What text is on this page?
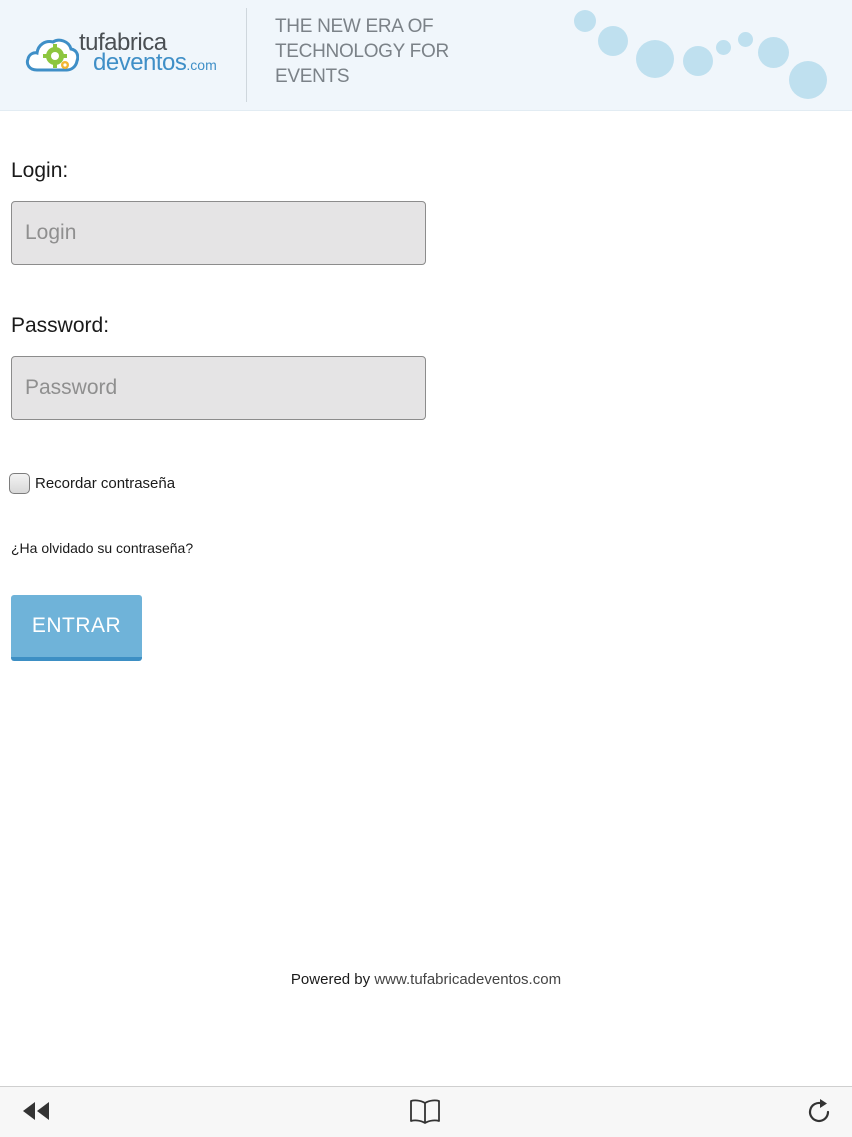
tufabrica
deventos.com
THE NEW ERA OF TECHNOLOGY FOR EVENTS
Login:
Login
Password:
Recordar contraseña
¿Ha olvidado su contraseña?
ENTRAR
Powered by www.tufabricadeventos.com
